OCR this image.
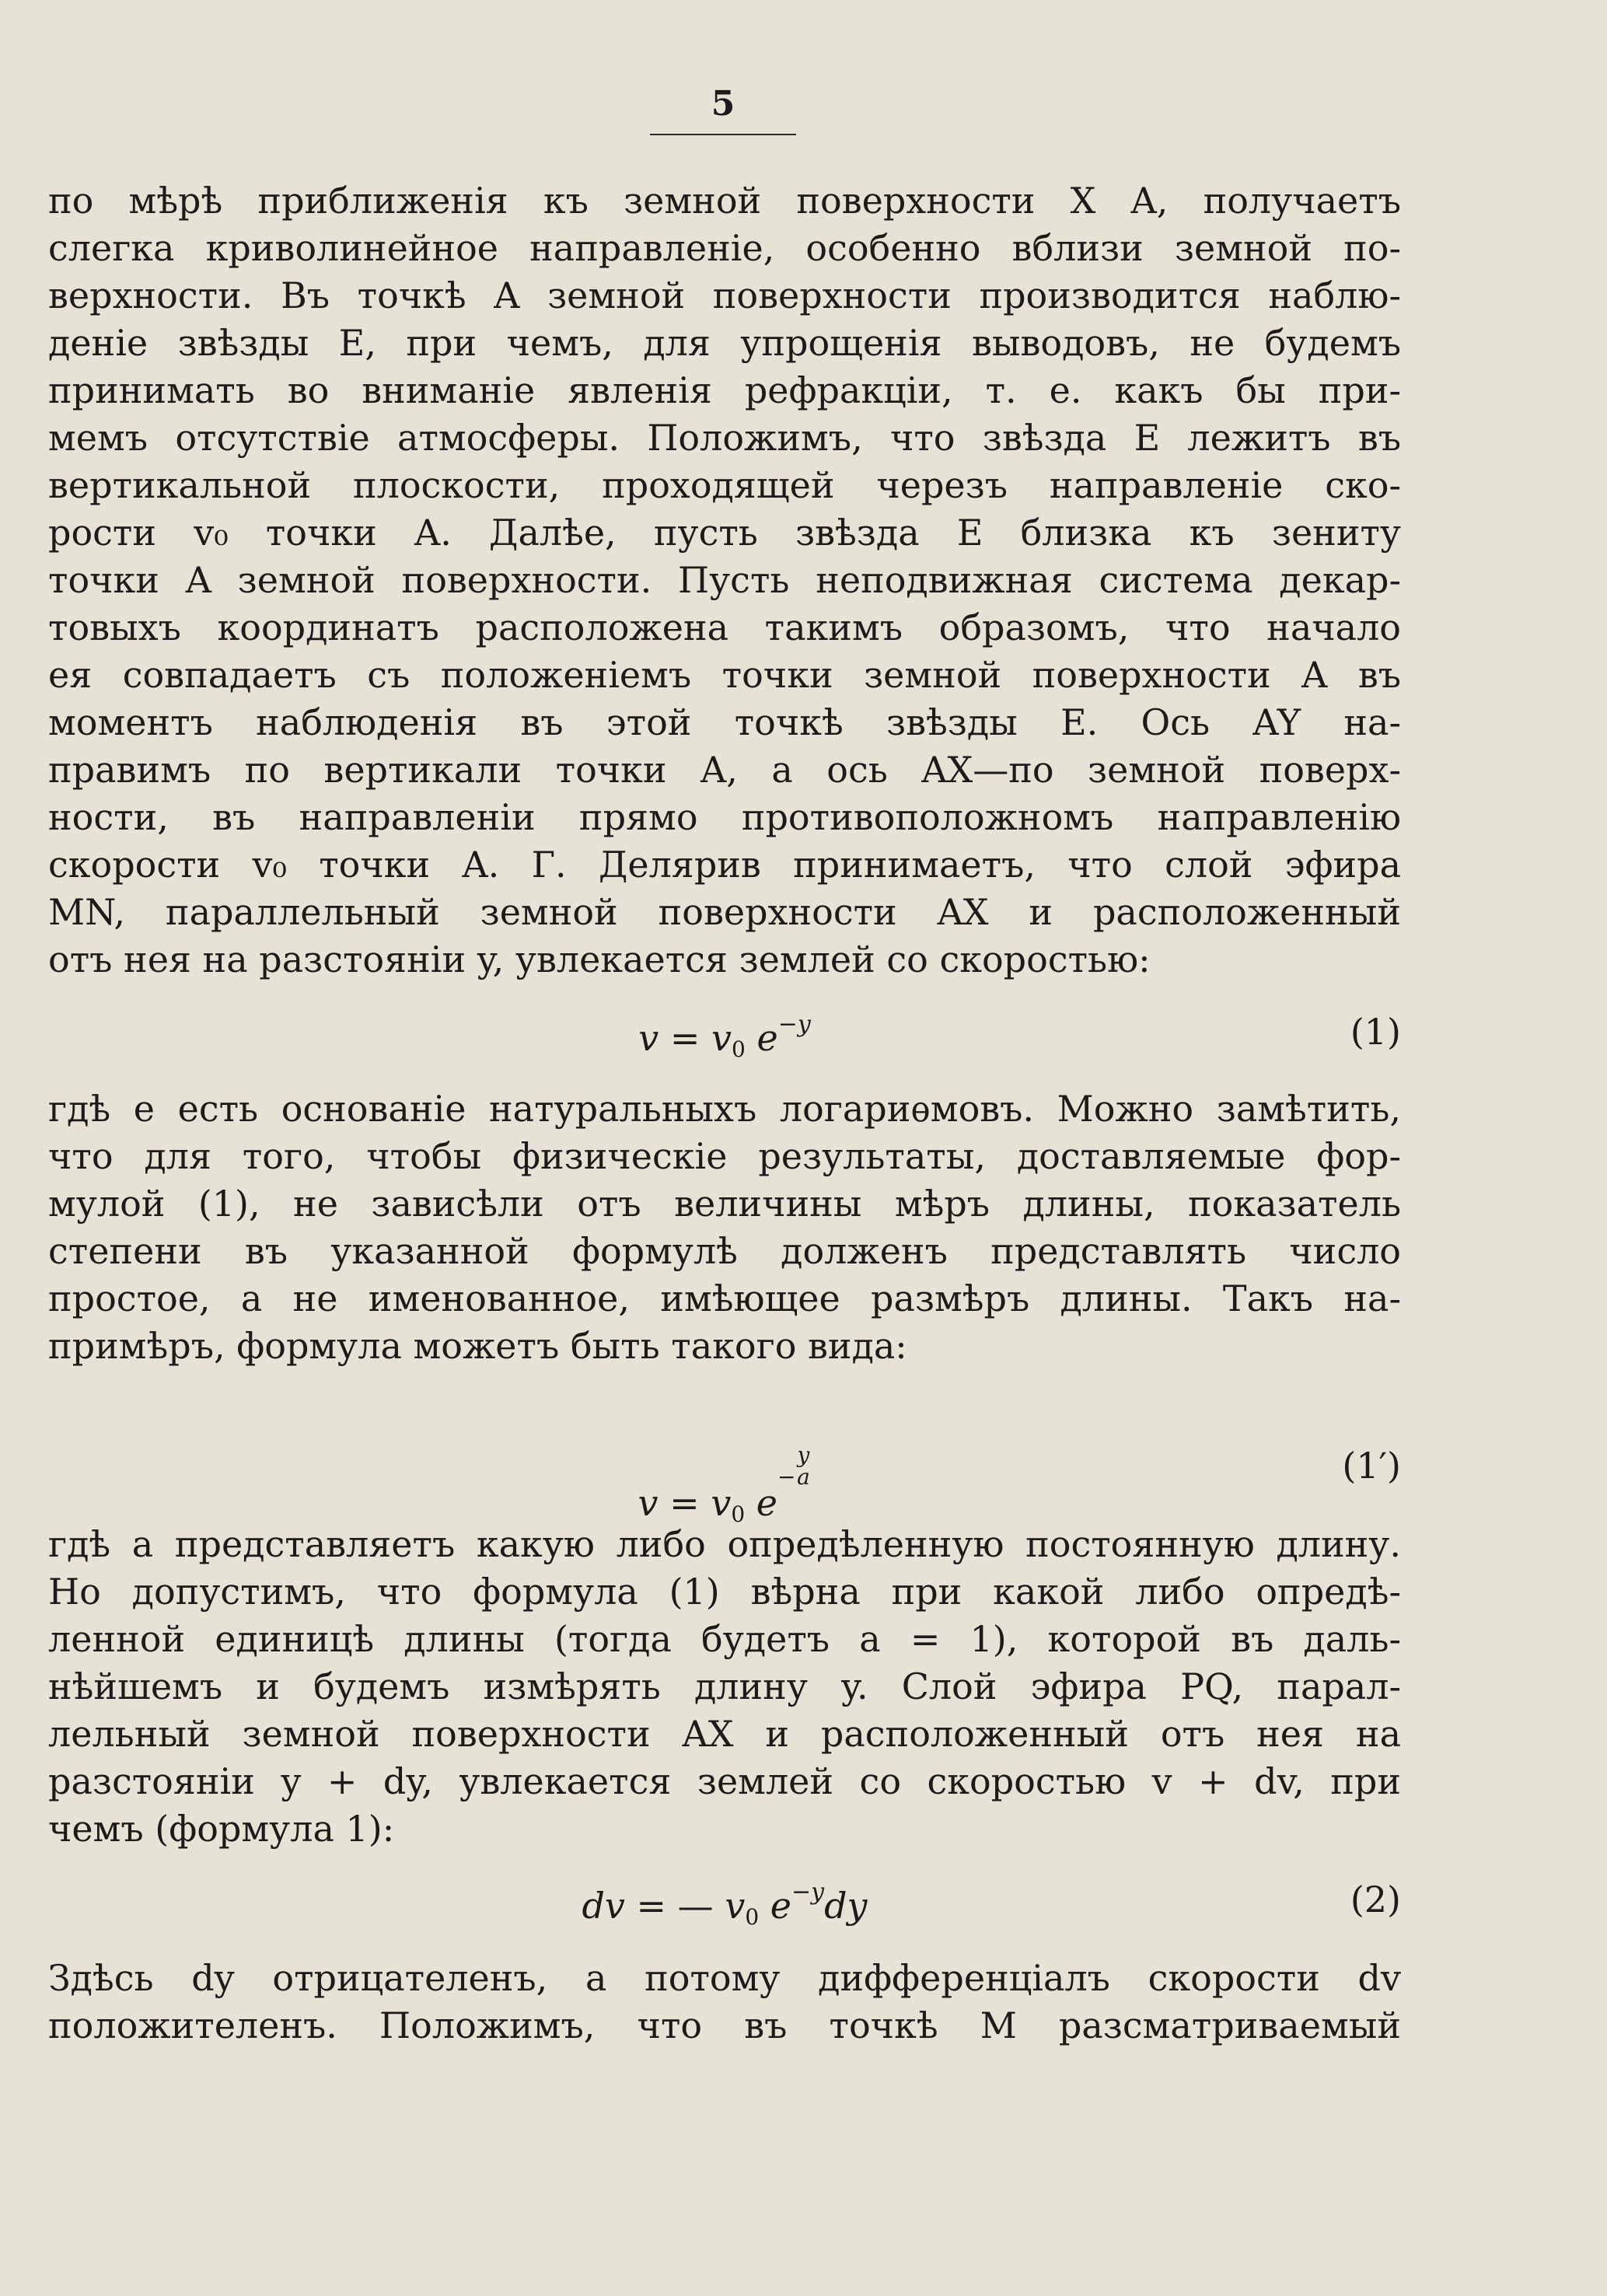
5

по мѣрѣ приближенія къ земной поверхности X A, получаетъ

слегка криволинейное направленіе, особенно вблизи земной по-

верхности. Въ точкѣ A земной поверхности производится наблю-

деніе звѣзды E, при чемъ, для упрощенія выводовъ, не будемъ

принимать во вниманіе явленія рефракціи, т. е. какъ бы при-

мемъ отсутствіе атмосферы. Положимъ, что звѣзда E лежитъ въ

вертикальной плоскости, проходящей черезъ направленіе ско-

рости v₀ точки A. Далѣе, пусть звѣзда E близка къ зениту

точки A земной поверхности. Пусть неподвижная система декар-

товыхъ координатъ расположена такимъ образомъ, что начало

ея совпадаетъ съ положеніемъ точки земной поверхности A въ

моментъ наблюденія въ этой точкѣ звѣзды E. Ось AY на-

правимъ по вертикали точки A, а ось AX—по земной поверх-

ности, въ направленіи прямо противоположномъ направленію

скорости v₀ точки A. Г. Делярив принимаетъ, что слой эфира

MN, параллельный земной поверхности AX и расположенный

отъ нея на разстояніи y, увлекается землей со скоростью:

$v = v_0$ $e^{-y}$	(1)

гдѣ e есть основаніе натуральныхъ логариѳмовъ. Можно замѣтить,

что для того, чтобы физическіе результаты, доставляемые фор-

мулой (1), не зависѣли отъ величины мѣръ длины, показатель

степени въ указанной формулѣ долженъ представлять число

простое, а не именованное, имѣющее размѣръ длины. Такъ на-

примѣръ, формула можетъ быть такого вида:

$v = v_0$ e−y
a	(1′)

гдѣ a представляетъ какую либо опредѣленную постоянную длину.

Но допустимъ, что формула (1) вѣрна при какой либо опредѣ-

ленной единицѣ длины (тогда будетъ a = 1), которой въ даль-

нѣйшемъ и будемъ измѣрять длину y. Слой эфира PQ, парал-

лельный земной поверхности AX и расположенный отъ нея на

разстояніи y + dy, увлекается землей со скоростью v + dv, при

чемъ (формула 1):

dv = — $v_0$ $e^{-y}dy$	(2)

Здѣсь dy отрицателенъ, а потому дифференціалъ скорости dv

положителенъ. Положимъ, что въ точкѣ M разсматриваемый
